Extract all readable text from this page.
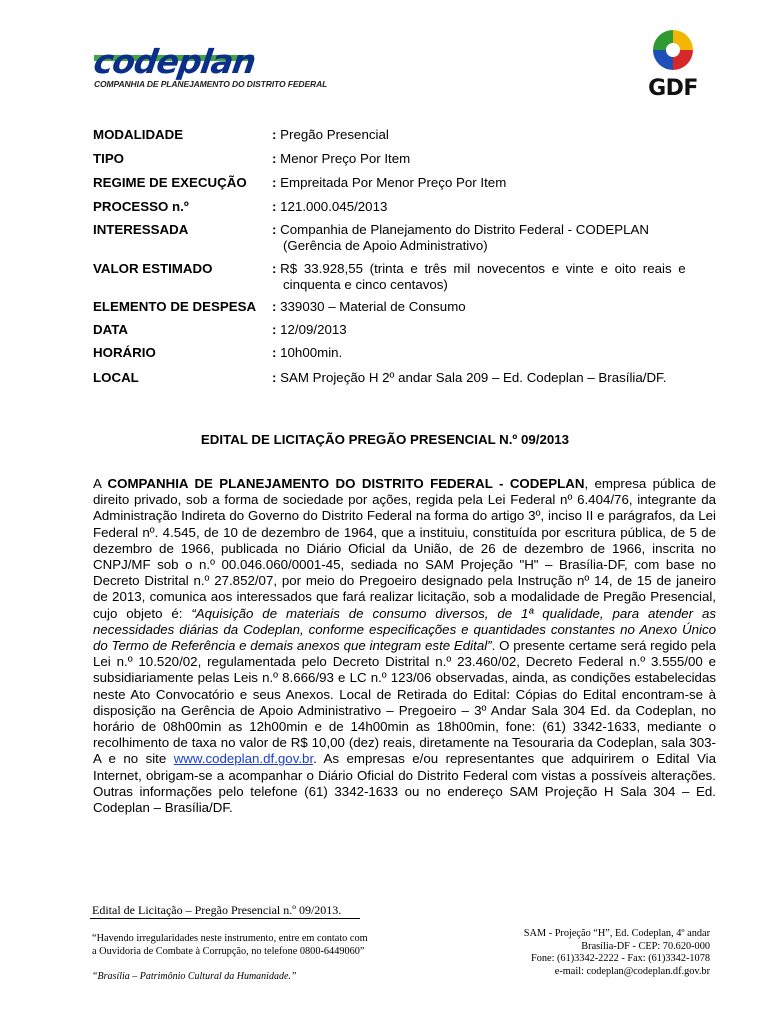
codeplan
COMPANHIA DE PLANEJAMENTO DO DISTRITO FEDERAL	GDF
MODALIDADE	: Pregão Presencial
TIPO	: Menor Preço Por Item
REGIME DE EXECUÇÃO : Empreitada Por Menor Preço Por Item
PROCESSO n.º	: 121.000.045/2013
INTERESSADA	: Companhia de Planejamento do Distrito Federal - CODEPLAN
(Gerência de Apoio Administrativo)
VALOR ESTIMADO	: R$ 33.928,55 (trinta e três mil novecentos e vinte e oito reais e
cinquenta e cinco centavos)
ELEMENTO DE DESPESA : 339030 – Material de Consumo
DATA	: 12/09/2013
HORÁRIO	: 10h00min.
LOCAL	: SAM Projeção H 2º andar Sala 209 – Ed. Codeplan – Brasília/DF.
EDITAL DE LICITAÇÃO PREGÃO PRESENCIAL N.º 09/2013
A COMPANHIA DE PLANEJAMENTO DO DISTRITO FEDERAL - CODEPLAN, empresa pública de direito privado, sob a forma de sociedade por ações, regida pela Lei Federal nº 6.404/76, integrante da Administração Indireta do Governo do Distrito Federal na forma do artigo 3º, inciso II e parágrafos, da Lei Federal nº. 4.545, de 10 de dezembro de 1964, que a instituiu, constituída por escritura pública, de 5 de dezembro de 1966, publicada no Diário Oficial da União, de 26 de dezembro de 1966, inscrita no CNPJ/MF sob o n.º 00.046.060/0001-45, sediada no SAM Projeção "H" – Brasília-DF, com base no Decreto Distrital n.º 27.852/07, por meio do Pregoeiro designado pela Instrução nº 14, de 15 de janeiro de 2013, comunica aos interessados que fará realizar licitação, sob a modalidade de Pregão Presencial, cujo objeto é: “Aquisição de materiais de consumo diversos, de 1ª qualidade, para atender as necessidades diárias da Codeplan, conforme especificações e quantidades constantes no Anexo Único do Termo de Referência e demais anexos que integram este Edital”. O presente certame será regido pela Lei n.º 10.520/02, regulamentada pelo Decreto Distrital n.º 23.460/02, Decreto Federal n.º 3.555/00 e subsidiariamente pelas Leis n.º 8.666/93 e LC n.º 123/06 observadas, ainda, as condições estabelecidas neste Ato Convocatório e seus Anexos. Local de Retirada do Edital: Cópias do Edital encontram-se à disposição na Gerência de Apoio Administrativo – Pregoeiro – 3º Andar Sala 304 Ed. da Codeplan, no horário de 08h00min as 12h00min e de 14h00min as 18h00min, fone: (61) 3342-1633, mediante o recolhimento de taxa no valor de R$ 10,00 (dez) reais, diretamente na Tesouraria da Codeplan, sala 303-A e no site www.codeplan.df.gov.br. As empresas e/ou representantes que adquirirem o Edital Via Internet, obrigam-se a acompanhar o Diário Oficial do Distrito Federal com vistas a possíveis alterações. Outras informações pelo telefone (61) 3342-1633 ou no endereço SAM Projeção H Sala 304 – Ed. Codeplan – Brasília/DF.
Edital de Licitação – Pregão Presencial n.º 09/2013.
“Havendo irregularidades neste instrumento, entre em contato com
a Ouvidoria de Combate à Corrupção, no telefone 0800-6449060”
“Brasília – Patrimônio Cultural da Humanidade.”
SAM - Projeção “H”, Ed. Codeplan, 4º andar
Brasília-DF - CEP: 70.620-000
Fone: (61)3342-2222 - Fax: (61)3342-1078
e-mail: codeplan@codeplan.df.gov.br
